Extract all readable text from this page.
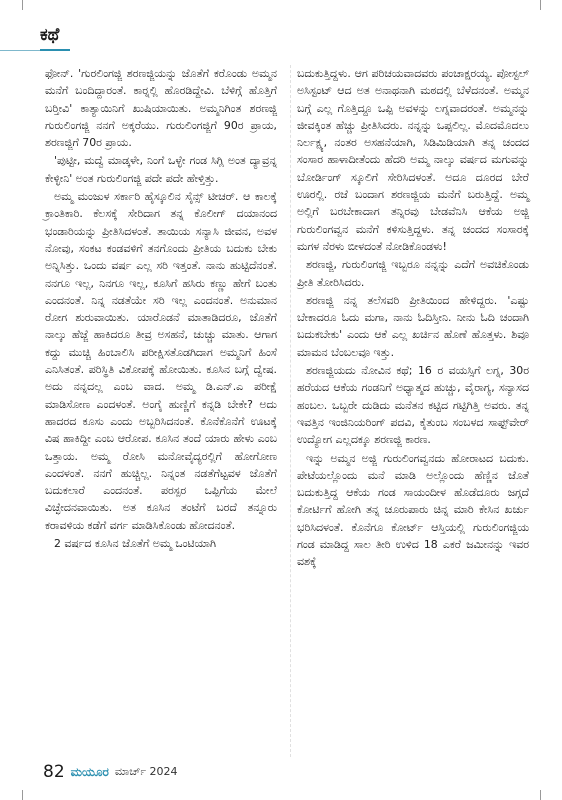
ಕಥೆ

ಫೋನ್. 'ಗುರಲಿಂಗಜ್ಜಿ ಶರಣಜ್ಜಿಯನ್ನು ಜೊತೆಗೆ ಕರೊಂಡು ಅಮ್ಮನ ಮನೆಗೆ ಬಂದಿದ್ದಾರಂತೆ. ಕಾರ್‍ನಲ್ಲಿ ಹೊರಡಿದ್ದೇವಿ. ಬೆಳಿಗ್ಗೆ ಹೊತ್ತಿಗೆ ಬರ್‍ತೀವಿ' ಕಾತ್ಯಾಯಿನಿಗೆ ಖುಷಿಯಾಯಿತು. ಅಮ್ಮನಿಗಿಂತ ಶರಣಜ್ಜಿ ಗುರುಲಿಂಗಜ್ಜಿ ನನಗೆ ಅಕ್ಕರೆಯು. ಗುರುಲಿಂಗಜ್ಜಿಗೆ 90ರ ಪ್ರಾಯ, ಶರಣಜ್ಜಿಗೆ 70ರ ಪ್ರಾಯ.

'ಪುಟ್ಟೀ, ಮದ್ವೆ ಮಾಡ್ಕಳೇ, ನಿಂಗೆ ಒಳ್ಳೇ ಗಂಡ ಸಿಗ್ಲಿ ಅಂತ ದ್ಯಾವ್ರನ್ನ ಕೇಳ್ಳೀನಿ' ಅಂತ ಗುರುಲಿಂಗಜ್ಜಿ ಪದೇ ಪದೇ ಹೇಳ್ತಿತ್ತು.

ಅಮ್ಮ ಮಂಜುಳ ಸರ್ಕಾರಿ ಹೈಸ್ಕೂಲಿನ ಸೈನ್ಸ್ ಟೀಚರ್. ಆ ಕಾಲಕ್ಕೆ ಕ್ರಾಂತಿಕಾರಿ. ಕೆಲಸಕ್ಕೆ ಸೇರಿದಾಗ ತನ್ನ ಕೊಲೀಗ್ ದಯಾನಂದ ಭಂಡಾರಿಯನ್ನು ಪ್ರೀತಿಸಿದಳಂತೆ. ತಾಯಿಯ ಸನ್ಯಾಸಿ ಜೀವನ, ಅವಳ ನೋವು, ಸಂಕಟ ಕಂಡವಳಿಗೆ ತನಗೊಂದು ಪ್ರೀತಿಯ ಬದುಕು ಬೇಕು ಅನ್ನಿಸಿತ್ತು. ಒಂದು ವರ್ಷ ಎಲ್ಲ ಸರಿ ಇತ್ತಂತೆ. ನಾನು ಹುಟ್ಟಿದೆನಂತೆ. ನನಗೂ ಇಲ್ಲ, ನಿನಗೂ ಇಲ್ಲ, ಕೂಸಿಗೆ ಹಸಿರು ಕಣ್ಣು ಹೇಗೆ ಬಂತು ಎಂದನಂತೆ. ನಿನ್ನ ನಡತೆಯೇ ಸರಿ ಇಲ್ಲ ಎಂದನಂತೆ. ಅನುಮಾನ ರೋಗ ಶುರುವಾಯಿತು. ಯಾರೊಡನೆ ಮಾತಾಡಿದರೂ, ಜೊತೆಗೆ ನಾಲ್ಕು ಹೆಜ್ಜೆ ಹಾಕಿದರೂ ತೀವ್ರ ಅಸಹನೆ, ಚುಚ್ಚು ಮಾತು. ಆಗಾಗ ಕದ್ದು ಮುಚ್ಚಿ ಹಿಂಬಾಲಿಸಿ ಪರೀಕ್ಷಿಸತೊಡಗಿದಾಗ ಅಮ್ಮನಿಗೆ ಹಿಂಸೆ ಎನಿಸಿತಂತೆ. ಪರಿಸ್ಥಿತಿ ವಿಕೋಪಕ್ಕೆ ಹೋಯಿತು. ಕೂಸಿನ ಬಗ್ಗೆ ದ್ವೇಷ. ಅದು ನನ್ನದಲ್ಲ ಎಂಬ ವಾದ. ಅಮ್ಮ ಡಿ.ಎನ್.ಎ ಪರೀಕ್ಷೆ ಮಾಡಿಸೋಣ ಎಂದಳಂತೆ. ಅಂಗೈ ಹುಣ್ಣಿಗೆ ಕನ್ನಡಿ ಬೇಕೇ? ಅದು ಹಾದರದ ಕೂಸು ಎಂದು ಅಬ್ಬರಿಸಿದನಂತೆ. ಕೊನೆಕೊನೆಗೆ ಊಟಕ್ಕೆ ವಿಷ ಹಾಕಿದ್ದೀ ಎಂಬ ಆರೋಪ. ಕೂಸಿನ ತಂದೆ ಯಾರು ಹೇಳು ಎಂಬ ಒತ್ತಾಯ. ಅಮ್ಮ ರೋಸಿ ಮನೋವೈದ್ಯರಲ್ಲಿಗೆ ಹೋಗೋಣ ಎಂದಳಂತೆ. ನನಗೆ ಹುಚ್ಚಿಲ್ಲ. ನಿನ್ನಂತ ನಡತೆಗೆಟ್ಟವಳ ಜೊತೆಗೆ ಬದುಕಲಾರೆ ಎಂದನಂತೆ. ಪರಸ್ಪರ ಒಪ್ಪಿಗೆಯ ಮೇಲೆ ವಿಚ್ಛೇದನವಾಯಿತು. ಅತ ಕೂಸಿನ ತಂಟೆಗೆ ಬರದೆ ತನ್ನೂರು ಕರಾವಳಿಯ ಕಡೆಗೆ ವರ್ಗ ಮಾಡಿಸಿಕೊಂಡು ಹೋದನಂತೆ.

2 ವರ್ಷದ ಕೂಸಿನ ಜೊತೆಗೆ ಅಮ್ಮ ಒಂಟಿಯಾಗಿ

ಬದುಕುತ್ತಿದ್ದಳು. ಆಗ ಪರಿಚಯವಾದವರು ಪಂಚಾಕ್ಷರಯ್ಯ. ಪೋಸ್ಟಲ್ ಅಸಿಸ್ಟಂಟ್ ಆದ ಅತ ಅನಾಥನಾಗಿ ಮಠದಲ್ಲಿ ಬೆಳೆದನಂತೆ. ಅಮ್ಮನ ಬಗ್ಗೆ ಎಲ್ಲ ಗೊತ್ತಿದ್ದೂ ಒಪ್ಪಿ ಅವಳನ್ನು ಲಗ್ನವಾದರಂತೆ. ಅಮ್ಮನನ್ನು ಜೀವಕ್ಕಿಂತ ಹೆಚ್ಚು ಪ್ರೀತಿಸಿದರು. ನನ್ನನ್ನು ಒಪ್ಪಲಿಲ್ಲ. ಮೊದಮೊದಲು ನಿರ್ಲಕ್ಷ್ಯ, ನಂತರ ಅಸಹನೆಯಾಗಿ, ಸಿಡಿಮಿಡಿಯಾಗಿ ತನ್ನ ಚಂದದ ಸಂಸಾರ ಹಾಳಾದೀತೆಂದು ಹೆದರಿ ಅಮ್ಮ ನಾಲ್ಕು ವರ್ಷದ ಮಗುವನ್ನು ಬೋರ್ಡಿಂಗ್ ಸ್ಕೂಲಿಗೆ ಸೇರಿಸಿದಳಂತೆ. ಅದೂ ದೂರದ ಬೇರೆ ಊರಲ್ಲಿ. ರಜೆ ಬಂದಾಗ ಶರಣಜ್ಜಿಯ ಮನೆಗೆ ಬರುತ್ತಿದ್ದೆ. ಅಮ್ಮ ಅಲ್ಲಿಗೆ ಬರಬೇಕಾದಾಗ ತನ್ನಿರವು ಬೇಡವೆನಿಸಿ ಆಕೆಯ ಅಜ್ಜಿ ಗುರುಲಿಂಗವ್ವನ ಮನೆಗೆ ಕಳಿಸುತ್ತಿದ್ದಳು. ತನ್ನ ಚಂದದ ಸಂಸಾರಕ್ಕೆ ಮಗಳ ನೆರಳು ಬೀಳದಂತೆ ನೋಡಿಕೊಂಡಳು!

ಶರಣಜ್ಜಿ, ಗುರುಲಿಂಗಜ್ಜಿ ಇಬ್ಬರೂ ನನ್ನನ್ನು ಎದೆಗೆ ಅವಚಿಕೊಂಡು ಪ್ರೀತಿ ತೋರಿಸಿದರು.

ಶರಣಜ್ಜಿ ನನ್ನ ತಲೆಸವರಿ ಪ್ರೀತಿಯಿಂದ ಹೇಳಿದ್ದರು. 'ಎಷ್ಟು ಬೇಕಾದರೂ ಓದು ಮಗಾ, ನಾನು ಓದಿಸ್ತೀನಿ. ನೀನು ಓದಿ ಚಂದಾಗಿ ಬದುಕಬೇಕು' ಎಂದು ಆಕೆ ಎಲ್ಲ ಖರ್ಚಿನ ಹೊಣೆ ಹೊತ್ತಳು. ಶಿವೂ ಮಾಮನ ಬೆಂಬಲವೂ ಇತ್ತು.

ಶರಣಜ್ಜಿಯದು ನೋವಿನ ಕಥೆ; 16 ರ ವಯಸ್ಸಿಗೆ ಲಗ್ನ, 30ರ ಹರೆಯದ ಆಕೆಯ ಗಂಡನಿಗೆ ಅಧ್ಯಾತ್ಮದ ಹುಚ್ಚು, ವೈರಾಗ್ಯ, ಸನ್ಯಾಸದ ಹಂಬಲ. ಒಬ್ಬರೇ ದುಡಿದು ಮನೆತನ ಕಟ್ಟಿದ ಗಟ್ಟಿಗಿತ್ತಿ ಅವರು. ತನ್ನ ಇವತ್ತಿನ ಇಂಜಿನಿಯರಿಂಗ್ ಪದವಿ, ಕೈತುಂಬ ಸಂಬಳದ ಸಾಫ್ಟ್‌ವೇರ್ ಉದ್ಯೋಗ ಎಲ್ಲದಕ್ಕೂ ಶರಣಜ್ಜಿ ಕಾರಣ.

ಇನ್ನು ಅಮ್ಮನ ಅಜ್ಜಿ ಗುರುಲಿಂಗವ್ವನದು ಹೋರಾಟದ ಬದುಕು. ಪೇಟೆಯಲ್ಲೊಂದು ಮನೆ ಮಾಡಿ ಅಲ್ಲೊಂದು ಹೆಣ್ಣಿನ ಜೊತೆ ಬದುಕುತ್ತಿದ್ದ ಆಕೆಯ ಗಂಡ ಸಾಯಂದೀಳ ಹೊಡೆದೂರು ಜಗ್ಗದೆ ಕೋರ್ಟಿಗೆ ಹೋಗಿ ತನ್ನ ಚೂರುಪಾರು ಚಿನ್ನ ಮಾರಿ ಕೇಸಿನ ಖರ್ಚು ಭರಿಸಿದಳಂತೆ. ಕೊನೆಗೂ ಕೋರ್ಟ್ ಆಸ್ತಿಯಲ್ಲಿ ಗುರುಲಿಂಗಜ್ಜಿಯ ಗಂಡ ಮಾಡಿದ್ದ ಸಾಲ ತೀರಿ ಉಳಿದ 18 ಎಕರೆ ಜಮೀನನ್ನು ಇವರ ವಶಕ್ಕೆ

82 ಮಯೂರ ಮಾರ್ಚ್ 2024
